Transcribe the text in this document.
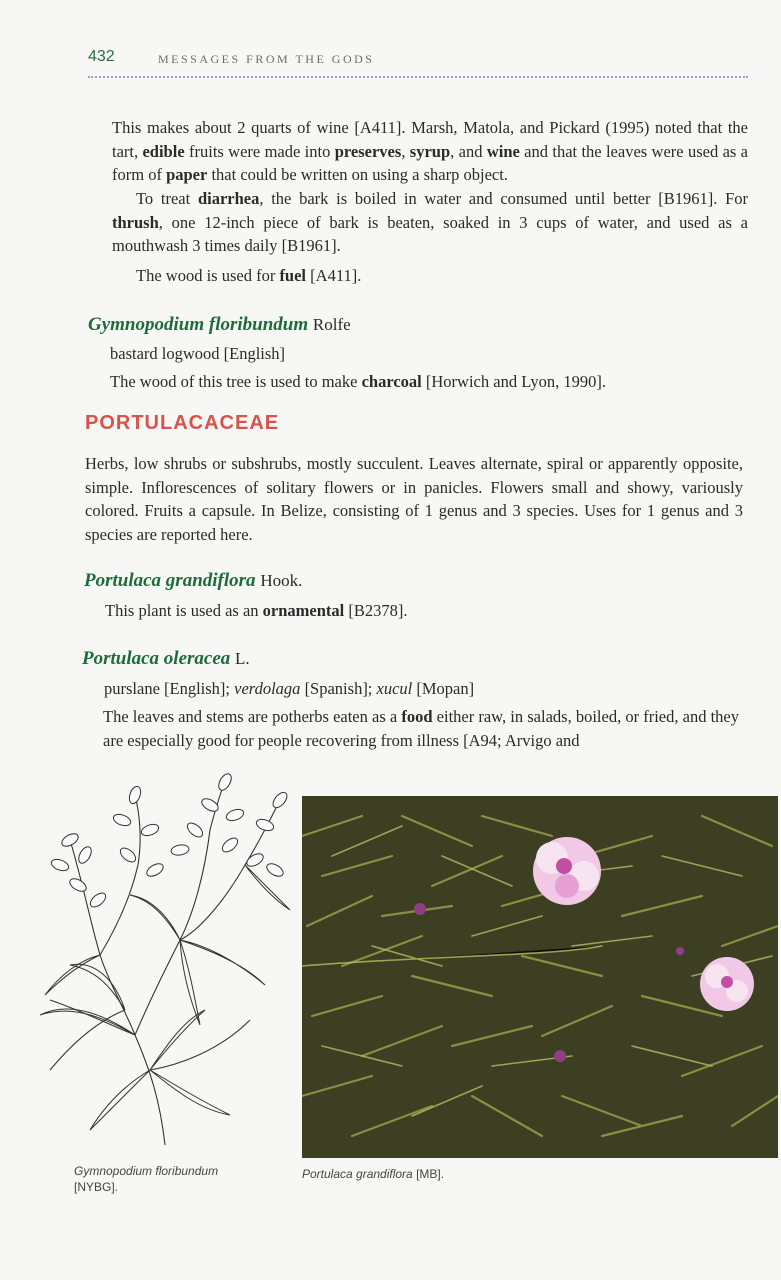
432	MESSAGES FROM THE GODS

This makes about 2 quarts of wine [A411]. Marsh, Matola, and Pickard (1995) noted that the tart, edible fruits were made into preserves, syrup, and wine and that the leaves were used as a form of paper that could be written on using a sharp object.

To treat diarrhea, the bark is boiled in water and consumed until better [B1961]. For thrush, one 12-inch piece of bark is beaten, soaked in 3 cups of water, and used as a mouthwash 3 times daily [B1961].

The wood is used for fuel [A411].

Gymnopodium floribundum Rolfe

bastard logwood [English]

The wood of this tree is used to make charcoal [Horwich and Lyon, 1990].

PORTULACACEAE

Herbs, low shrubs or subshrubs, mostly succulent. Leaves alternate, spiral or apparently opposite, simple. Inflorescences of solitary flowers or in panicles. Flowers small and showy, variously colored. Fruits a capsule. In Belize, consisting of 1 genus and 3 species. Uses for 1 genus and 3 species are reported here.

Portulaca grandiflora Hook.

This plant is used as an ornamental [B2378].

Portulaca oleracea L.

purslane [English]; verdolaga [Spanish]; xucul [Mopan]

The leaves and stems are potherbs eaten as a food either raw, in salads, boiled, or fried, and they are especially good for people recovering from illness [A94; Arvigo and

Gymnopodium floribundum
[NYBG].
Portulaca grandiflora [MB].
